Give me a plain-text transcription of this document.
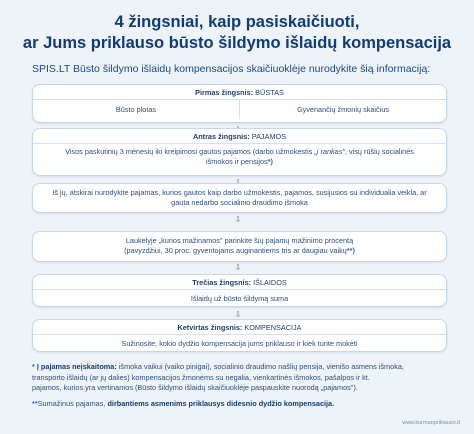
4 žingsniai, kaip pasiskaičiuoti,
ar Jums priklauso būsto šildymo išlaidų kompensacija
SPIS.LT Būsto šildymo išlaidų kompensacijos skaičiuoklėje nurodykite šią informaciją:
Pirmas žingsnis: BŪSTAS
Būsto plotas	Gyvenančių žmonių skaičius
Antras žingsnis: PAJAMOS
Visos paskutinių 3 mėnesių iki kreipimosi gautos pajamos (darbo užmokestis „į rankas", visų rūšių socialinės
išmokos ir pensijos*)
Iš jų, atskirai nurodykite pajamas, kurios gautos kaip darbo užmokestis, pajamos, susijusios su individualia veikla, ar
gauta nedarbo socialinio draudimo išmoka
⇩
Laukelyje „kurios mažinamos" parinkite šių pajamų mažinimo procentą
(pavyzdžiui, 30 proc. gyventojams auginantiems tris ar daugiau vaikų**)
⇩
Trečias žingsnis: IŠLAIDOS
Išlaidų už būsto šildymą suma
⇩
Ketvirtas žingsnis: KOMPENSACIJA
Sužinosite, kokio dydžio kompensacija jums priklauso ir kiek turite mokėti
* Į pajamas neįskaitoma: išmoka vaikui (vaiko pinigai), socialinio draudimo našlių pensija, vienišo asmens išmoka,
transporto išlaidų (ar jų dalies) kompensacijos žmonėms su negalia, vienkartinės išmokos, pašalpos ir kt.
pajamos, kurios yra vertinamos (Būsto šildymo išlaidų skaičiuoklėje paspauskite nuorodą „pajamos").
**Sumažinus pajamas, dirbantiems asmenims priklausys didesnio dydžio kompensacija.
www.kurmanpriklauso.lt
